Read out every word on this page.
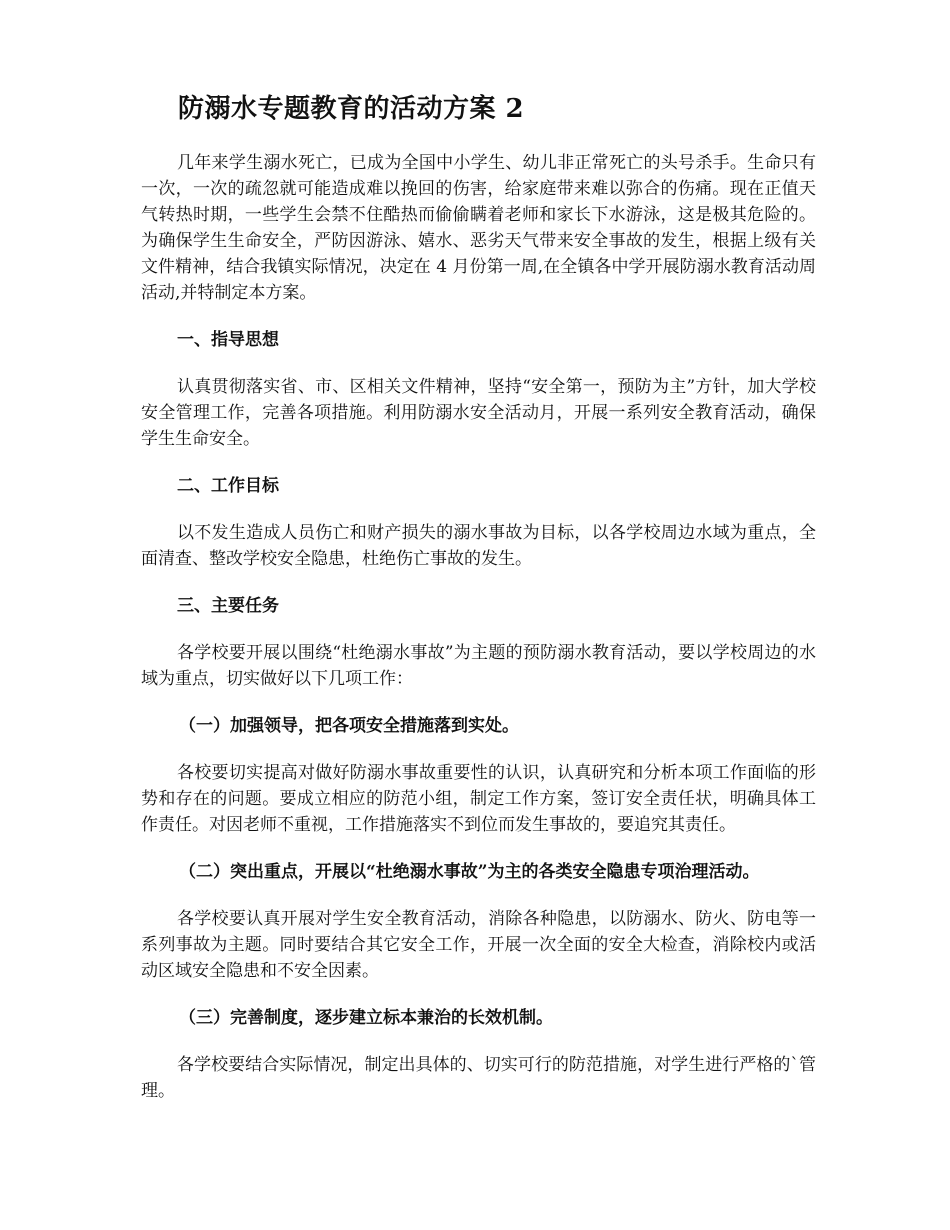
防溺水专题教育的活动方案 2

几年来学生溺水死亡，已成为全国中小学生、幼儿非正常死亡的头号杀手。生命只有一次，一次的疏忽就可能造成难以挽回的伤害，给家庭带来难以弥合的伤痛。现在正值天气转热时期，一些学生会禁不住酷热而偷偷瞒着老师和家长下水游泳，这是极其危险的。为确保学生生命安全，严防因游泳、嬉水、恶劣天气带来安全事故的发生，根据上级有关文件精神，结合我镇实际情况，决定在 4 月份第一周,在全镇各中学开展防溺水教育活动周活动,并特制定本方案。

一、指导思想

认真贯彻落实省、市、区相关文件精神，坚持“安全第一，预防为主”方针，加大学校安全管理工作，完善各项措施。利用防溺水安全活动月，开展一系列安全教育活动，确保学生生命安全。

二、工作目标

以不发生造成人员伤亡和财产损失的溺水事故为目标，以各学校周边水域为重点，全面清查、整改学校安全隐患，杜绝伤亡事故的发生。

三、主要任务

各学校要开展以围绕“杜绝溺水事故”为主题的预防溺水教育活动，要以学校周边的水域为重点，切实做好以下几项工作：

（一）加强领导，把各项安全措施落到实处。

各校要切实提高对做好防溺水事故重要性的认识，认真研究和分析本项工作面临的形势和存在的问题。要成立相应的防范小组，制定工作方案，签订安全责任状，明确具体工作责任。对因老师不重视，工作措施落实不到位而发生事故的，要追究其责任。

（二）突出重点，开展以“杜绝溺水事故”为主的各类安全隐患专项治理活动。

各学校要认真开展对学生安全教育活动，消除各种隐患，以防溺水、防火、防电等一系列事故为主题。同时要结合其它安全工作，开展一次全面的安全大检查，消除校内或活动区域安全隐患和不安全因素。

（三）完善制度，逐步建立标本兼治的长效机制。

各学校要结合实际情况，制定出具体的、切实可行的防范措施，对学生进行严格的`管理。
